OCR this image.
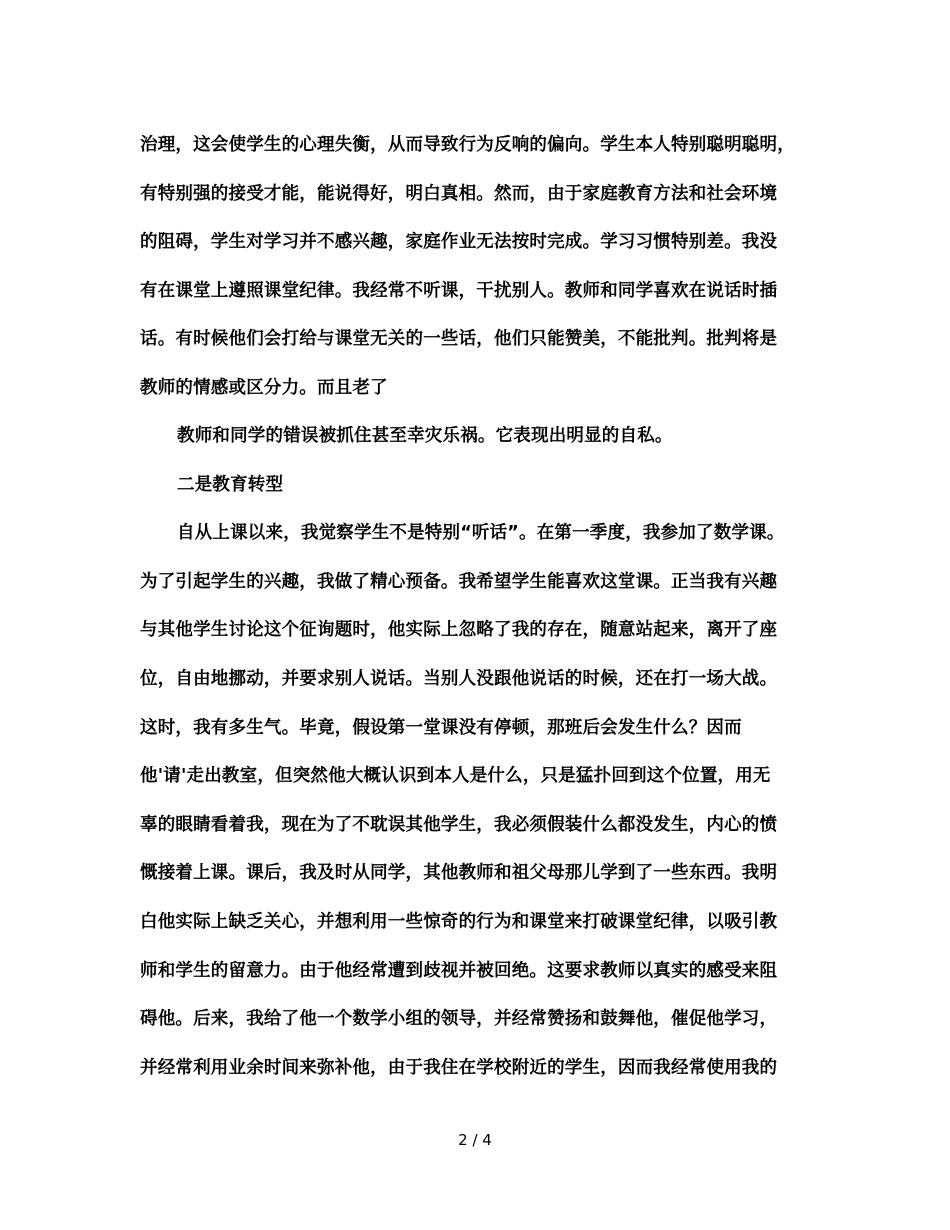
治理，这会使学生的心理失衡，从而导致行为反响的偏向。学生本人特别聪明聪明，
有特别强的接受才能，能说得好，明白真相。然而，由于家庭教育方法和社会环境
的阻碍，学生对学习并不感兴趣，家庭作业无法按时完成。学习习惯特别差。我没
有在课堂上遵照课堂纪律。我经常不听课，干扰别人。教师和同学喜欢在说话时插
话。有时候他们会打给与课堂无关的一些话，他们只能赞美，不能批判。批判将是
教师的情感或区分力。而且老了
教师和同学的错误被抓住甚至幸灾乐祸。它表现出明显的自私。
二是教育转型
自从上课以来，我觉察学生不是特别“听话”。在第一季度，我参加了数学课。
为了引起学生的兴趣，我做了精心预备。我希望学生能喜欢这堂课。正当我有兴趣
与其他学生讨论这个征询题时，他实际上忽略了我的存在，随意站起来，离开了座
位，自由地挪动，并要求别人说话。当别人没跟他说话的时候，还在打一场大战。
这时，我有多生气。毕竟，假设第一堂课没有停顿，那班后会发生什么？因而
他'请'走出教室，但突然他大概认识到本人是什么，只是猛扑回到这个位置，用无
辜的眼睛看着我，现在为了不耽误其他学生，我必须假装什么都没发生，内心的愤
慨接着上课。课后，我及时从同学，其他教师和祖父母那儿学到了一些东西。我明
白他实际上缺乏关心，并想利用一些惊奇的行为和课堂来打破课堂纪律，以吸引教
师和学生的留意力。由于他经常遭到歧视并被回绝。这要求教师以真实的感受来阻
碍他。后来，我给了他一个数学小组的领导，并经常赞扬和鼓舞他，催促他学习，
并经常利用业余时间来弥补他，由于我住在学校附近的学生，因而我经常使用我的
2 / 4
